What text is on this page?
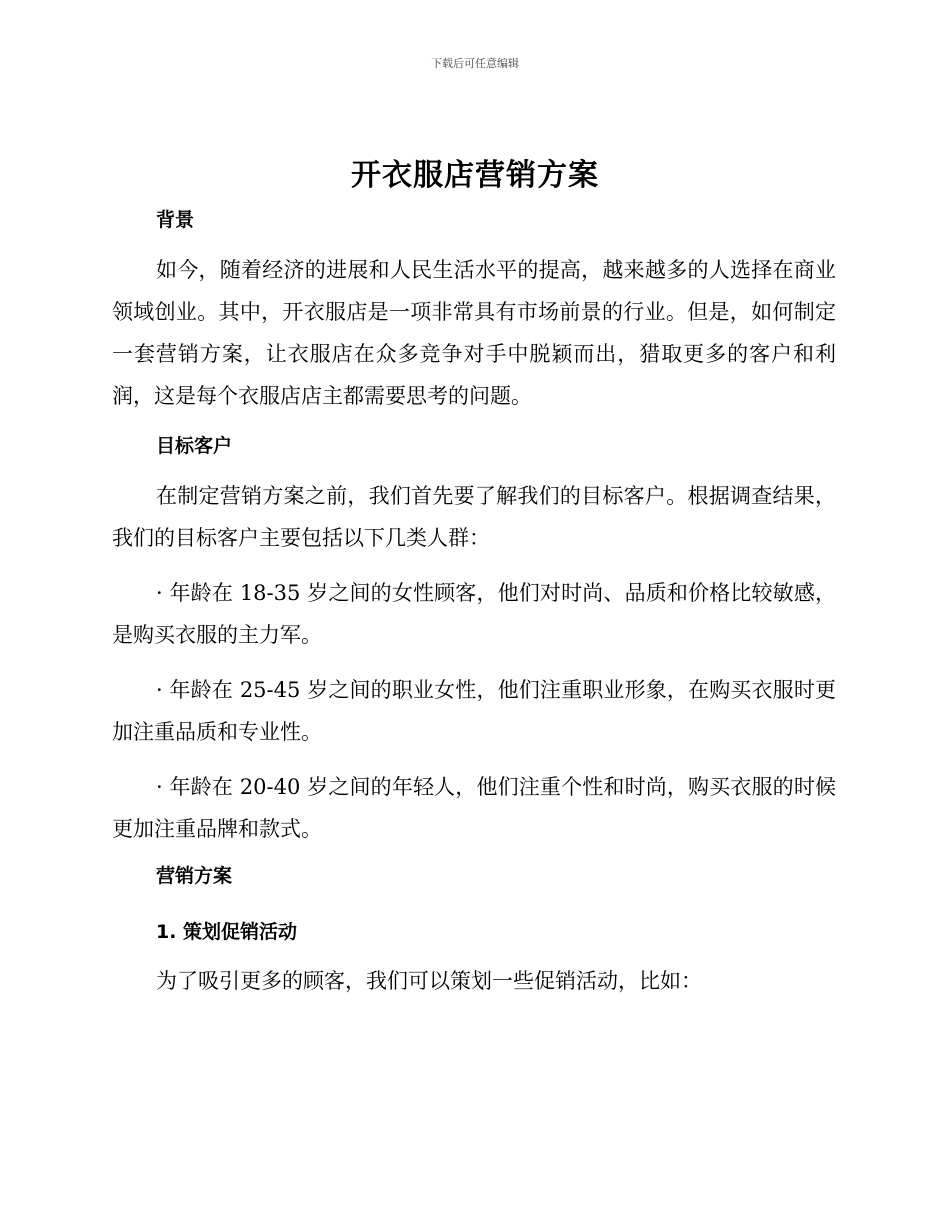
下载后可任意编辑
开衣服店营销方案

背景

如今，随着经济的进展和人民生活水平的提高，越来越多的人选择在商业领域创业。其中，开衣服店是一项非常具有市场前景的行业。但是，如何制定一套营销方案，让衣服店在众多竞争对手中脱颖而出，猎取更多的客户和利润，这是每个衣服店店主都需要思考的问题。

目标客户

在制定营销方案之前，我们首先要了解我们的目标客户。根据调查结果，我们的目标客户主要包括以下几类人群：

· 年龄在 18-35 岁之间的女性顾客，他们对时尚、品质和价格比较敏感，是购买衣服的主力军。

· 年龄在 25-45 岁之间的职业女性，他们注重职业形象，在购买衣服时更加注重品质和专业性。

· 年龄在 20-40 岁之间的年轻人，他们注重个性和时尚，购买衣服的时候更加注重品牌和款式。

营销方案

1. 策划促销活动

为了吸引更多的顾客，我们可以策划一些促销活动，比如：
